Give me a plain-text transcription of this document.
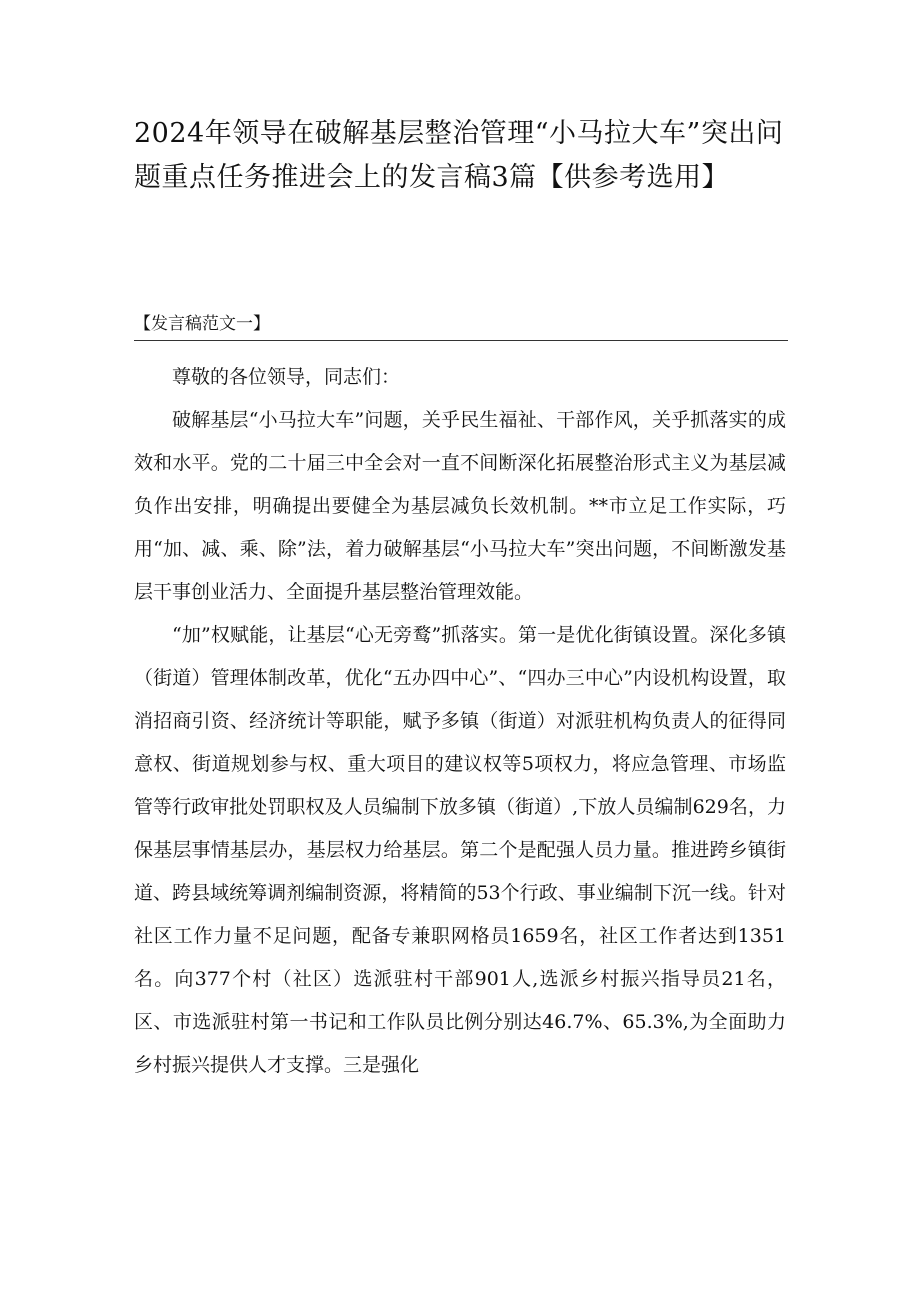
2024年领导在破解基层整治管理“小马拉大车”突出问题重点任务推进会上的发言稿3篇【供参考选用】
【发言稿范文一】

尊敬的各位领导，同志们：

破解基层“小马拉大车”问题，关乎民生福祉、干部作风，关乎抓落实的成效和水平。党的二十届三中全会对一直不间断深化拓展整治形式主义为基层减负作出安排，明确提出要健全为基层减负长效机制。**市立足工作实际，巧用“加、减、乘、除”法，着力破解基层“小马拉大车”突出问题，不间断激发基层干事创业活力、全面提升基层整治管理效能。

“加”权赋能，让基层“心无旁鹜”抓落实。第一是优化街镇设置。深化多镇（街道）管理体制改革，优化“五办四中心”、“四办三中心”内设机构设置，取消招商引资、经济统计等职能，赋予多镇（街道）对派驻机构负责人的征得同意权、街道规划参与权、重大项目的建议权等5项权力，将应急管理、市场监管等行政审批处罚职权及人员编制下放多镇（街道）,下放人员编制629名，力保基层事情基层办，基层权力给基层。第二个是配强人员力量。推进跨乡镇街道、跨县域统筹调剂编制资源，将精简的53个行政、事业编制下沉一线。针对社区工作力量不足问题，配备专兼职网格员1659名，社区工作者达到1351名。向377个村（社区）选派驻村干部901人,选派乡村振兴指导员21名，区、市选派驻村第一书记和工作队员比例分别达46.7%、65.3%,为全面助力乡村振兴提供人才支撑。三是强化
